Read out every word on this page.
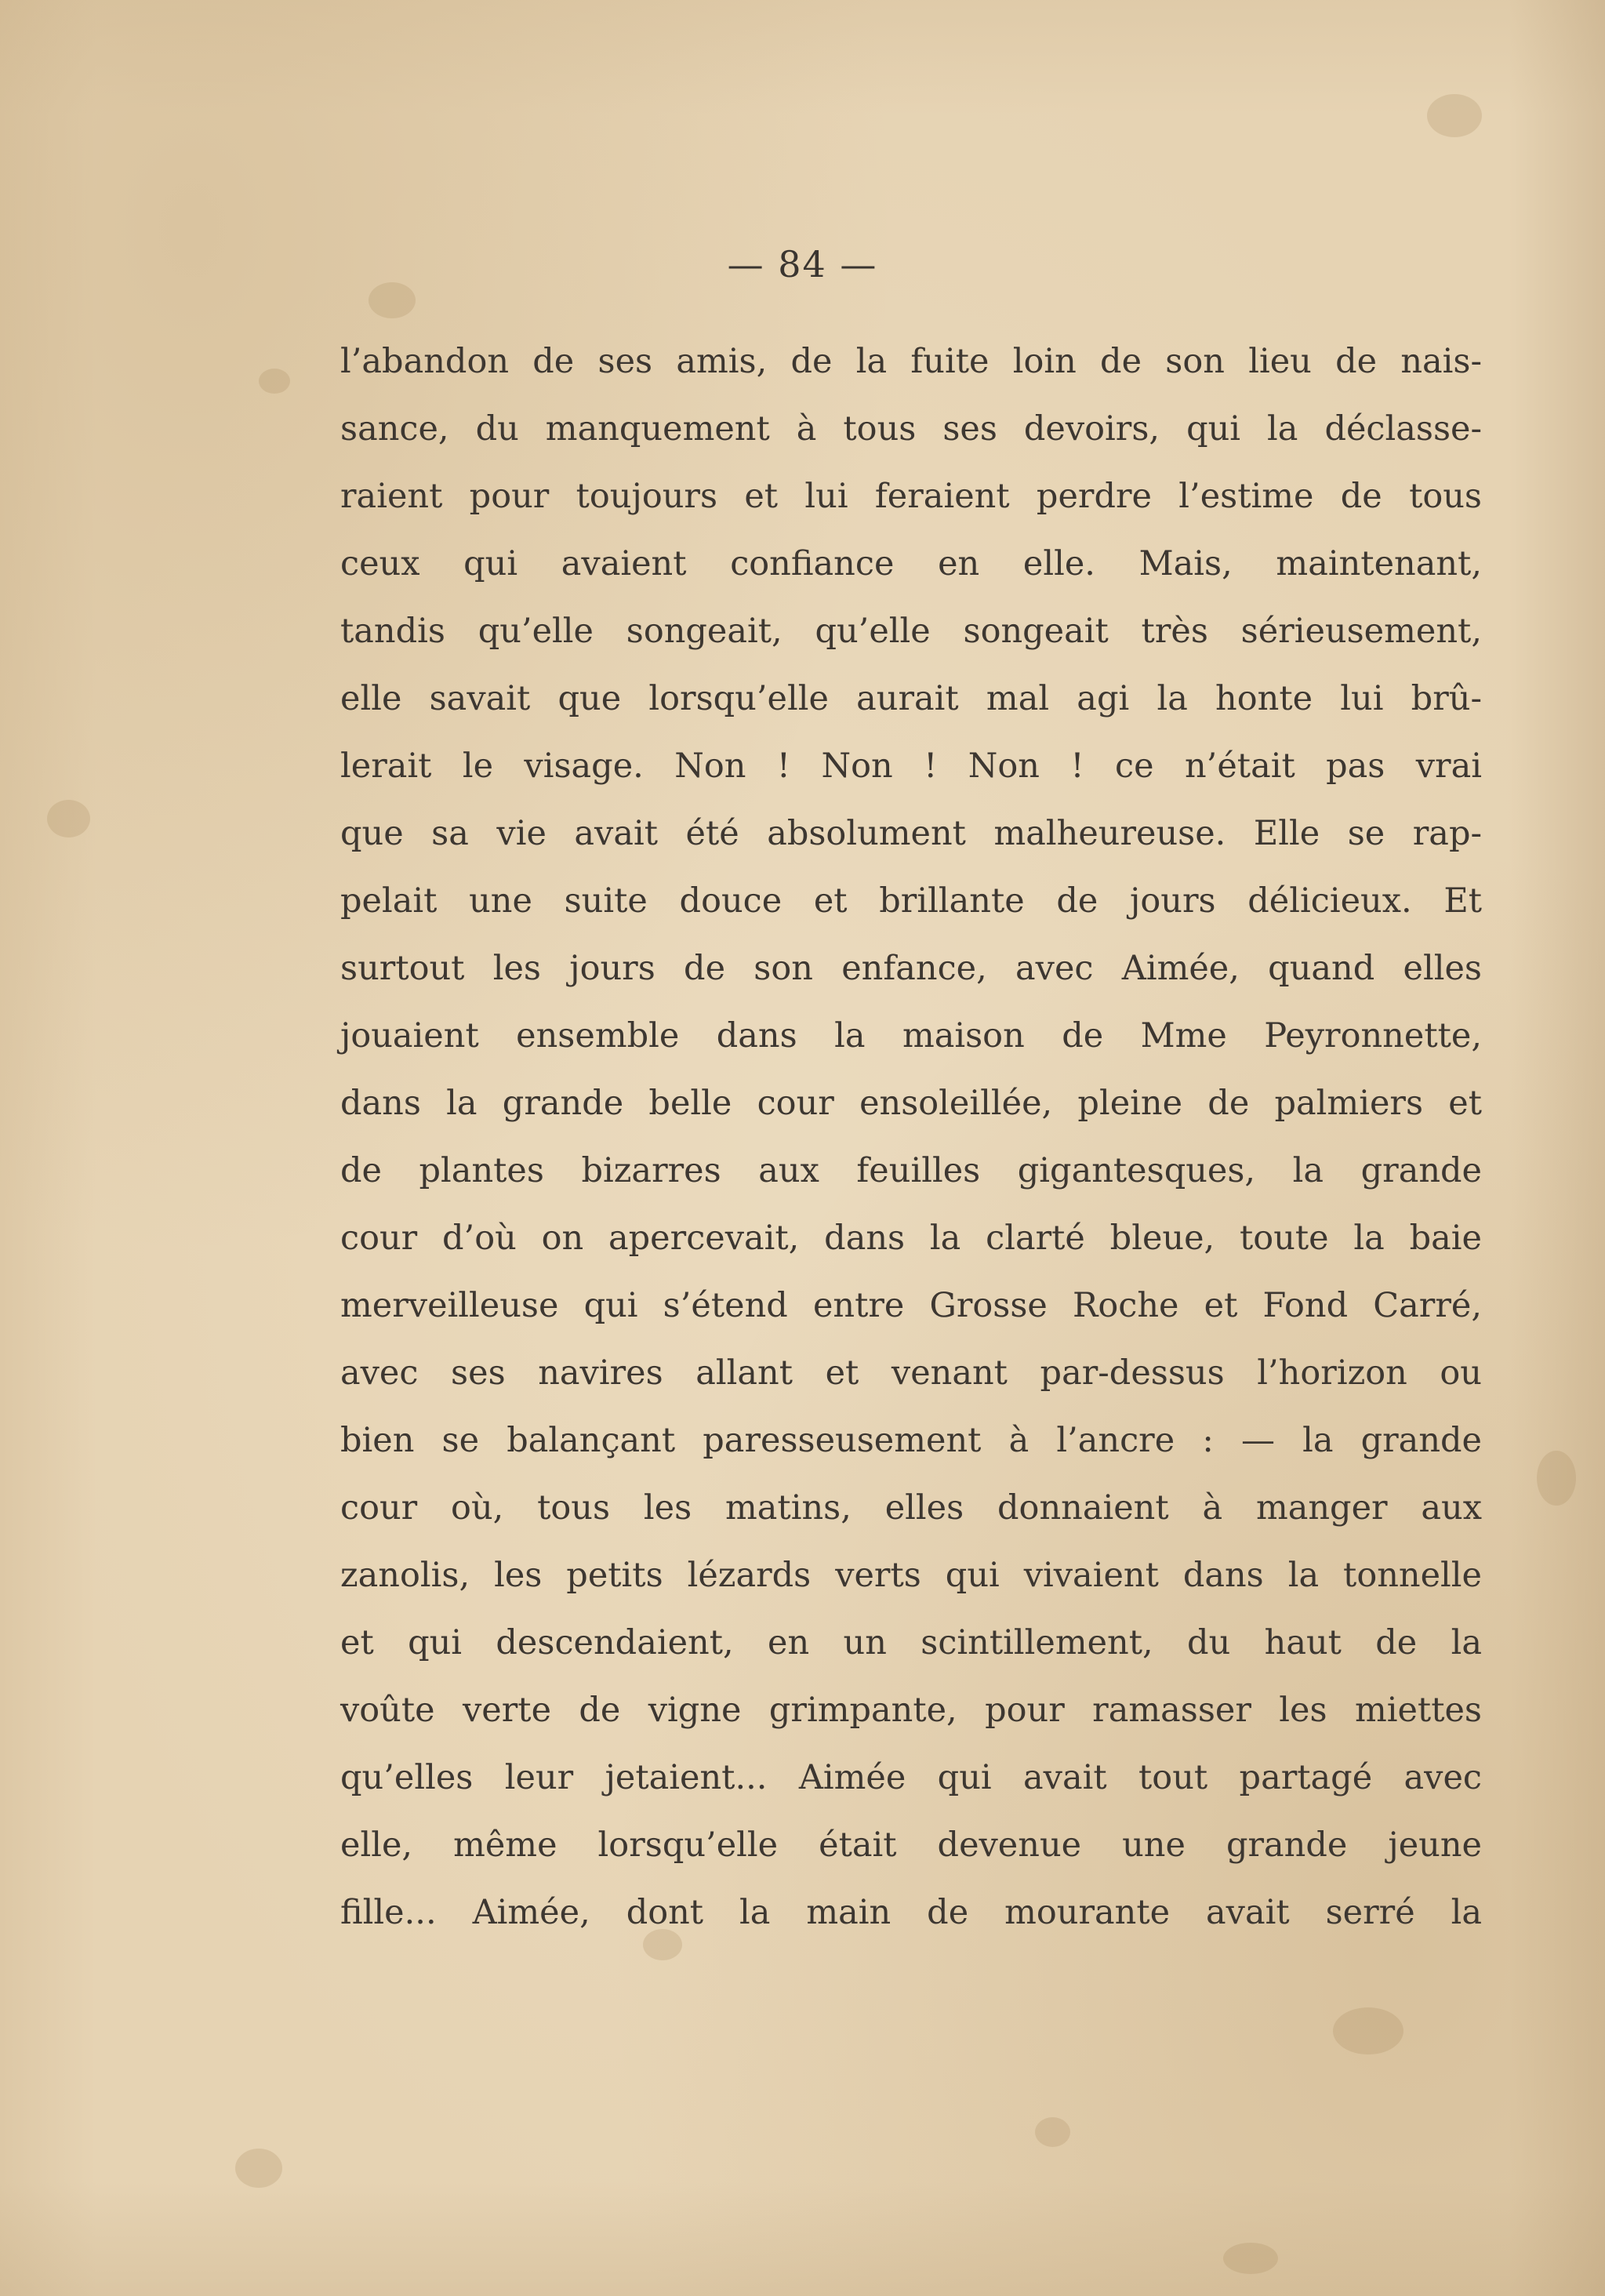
— 84 —
l’abandon de ses amis, de la fuite loin de son lieu de nais-
sance, du manquement à tous ses devoirs, qui la déclasse-
raient pour toujours et lui feraient perdre l’estime de tous
ceux qui avaient confiance en elle. Mais, maintenant,
tandis qu’elle songeait, qu’elle songeait très sérieusement,
elle savait que lorsqu’elle aurait mal agi la honte lui brû-
lerait le visage. Non ! Non ! Non ! ce n’était pas vrai
que sa vie avait été absolument malheureuse. Elle se rap-
pelait une suite douce et brillante de jours délicieux. Et
surtout les jours de son enfance, avec Aimée, quand elles
jouaient ensemble dans la maison de Mme Peyronnette,
dans la grande belle cour ensoleillée, pleine de palmiers et
de plantes bizarres aux feuilles gigantesques, la grande
cour d’où on apercevait, dans la clarté bleue, toute la baie
merveilleuse qui s’étend entre Grosse Roche et Fond Carré,
avec ses navires allant et venant par-dessus l’horizon ou
bien se balançant paresseusement à l’ancre : — la grande
cour où, tous les matins, elles donnaient à manger aux
zanolis, les petits lézards verts qui vivaient dans la tonnelle
et qui descendaient, en un scintillement, du haut de la
voûte verte de vigne grimpante, pour ramasser les miettes
qu’elles leur jetaient... Aimée qui avait tout partagé avec
elle, même lorsqu’elle était devenue une grande jeune
fille... Aimée, dont la main de mourante avait serré la
